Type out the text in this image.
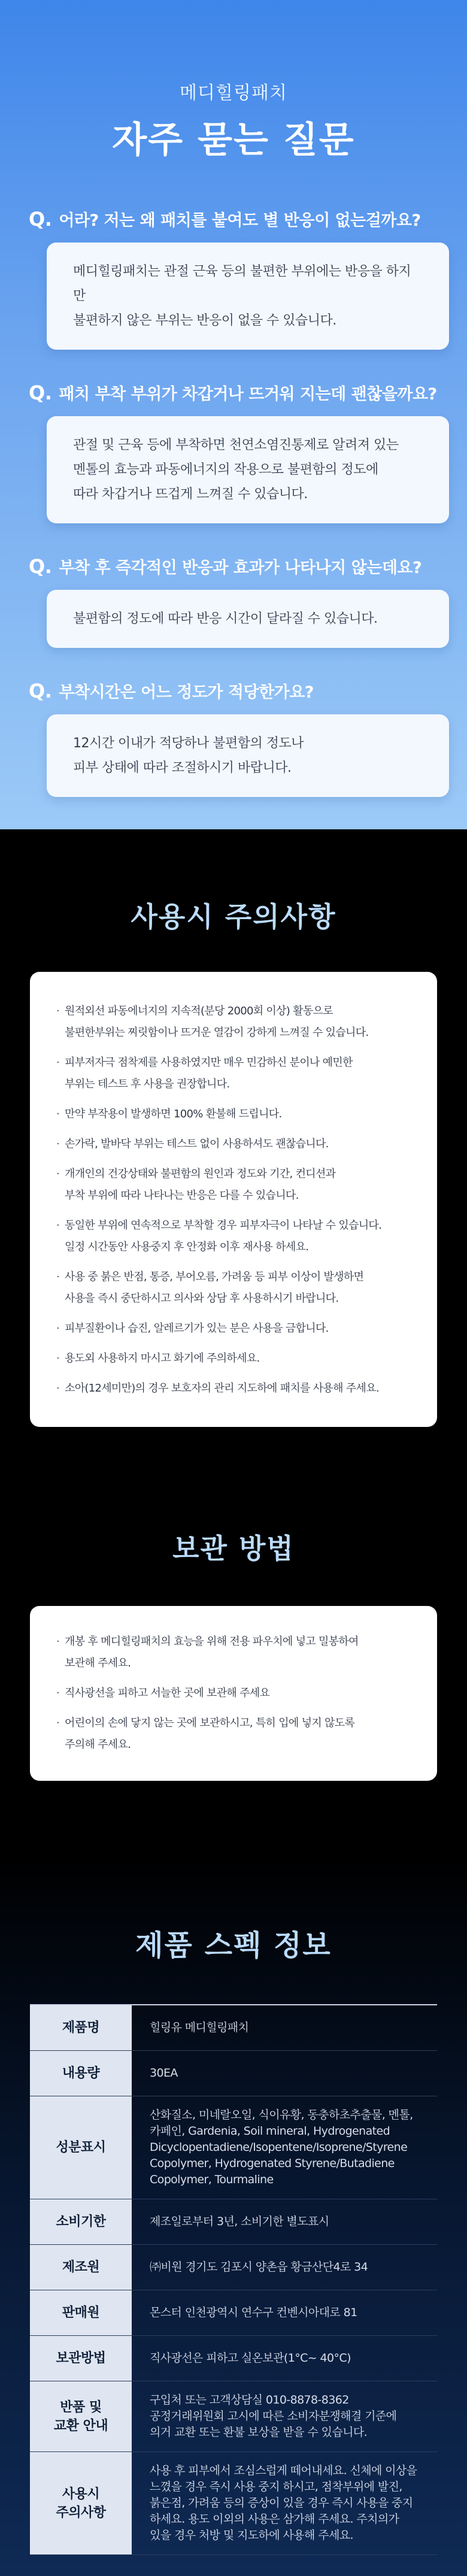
메디힐링패치
자주 묻는 질문
Q. 어라? 저는 왜 패치를 붙여도 별 반응이 없는걸까요?
메디힐링패치는 관절 근육 등의 불편한 부위에는 반응을 하지만
불편하지 않은 부위는 반응이 없을 수 있습니다.
Q. 패치 부착 부위가 차갑거나 뜨거워 지는데 괜찮을까요?
관절 및 근육 등에 부착하면 천연소염진통제로 알려져 있는
멘톨의 효능과 파동에너지의 작용으로 불편함의 정도에
따라 차갑거나 뜨겁게 느껴질 수 있습니다.
Q. 부착 후 즉각적인 반응과 효과가 나타나지 않는데요?
불편함의 정도에 따라 반응 시간이 달라질 수 있습니다.
Q. 부착시간은 어느 정도가 적당한가요?
12시간 이내가 적당하나 불편함의 정도나
피부 상태에 따라 조절하시기 바랍니다.
사용시 주의사항
· 원적외선 파동에너지의 지속적(분당 2000회 이상) 활동으로
불편한부위는 찌릿함이나 뜨거운 열감이 강하게 느껴질 수 있습니다.
· 피부저자극 점착제를 사용하였지만 매우 민감하신 분이나 예민한
부위는 테스트 후 사용을 권장합니다.
· 만약 부작용이 발생하면 100% 환불해 드립니다.
· 손가락, 발바닥 부위는 테스트 없이 사용하셔도 괜찮습니다.
· 개개인의 건강상태와 불편함의 원인과 정도와 기간, 컨디션과
부착 부위에 따라 나타나는 반응은 다를 수 있습니다.
· 동일한 부위에 연속적으로 부착할 경우 피부자극이 나타날 수 있습니다.
일정 시간동안 사용중지 후 안정화 이후 재사용 하세요.
· 사용 중 붉은 반점, 통증, 부어오름, 가려움 등 피부 이상이 발생하면
사용을 즉시 중단하시고 의사와 상담 후 사용하시기 바랍니다.
· 피부질환이나 습진, 알레르기가 있는 분은 사용을 금합니다.
· 용도외 사용하지 마시고 화기에 주의하세요.
· 소아(12세미만)의 경우 보호자의 관리 지도하에 패치를 사용해 주세요.
보관 방법
· 개봉 후 메디힐링패치의 효능을 위해 전용 파우치에 넣고 밀봉하여
보관해 주세요.
· 직사광선을 피하고 서늘한 곳에 보관해 주세요
· 어린이의 손에 닿지 않는 곳에 보관하시고, 특히 입에 넣지 않도록
주의해 주세요.
제품 스펙 정보
제품명	힐링유 메디힐링패치

내용량	30EA

성분표시	산화질소, 미네랄오일, 식이유황, 동충하초추출물, 멘톨,
카페인, Gardenia, Soil mineral, Hydrogenated
Dicyclopentadiene/Isopentene/Isoprene/Styrene
Copolymer, Hydrogenated Styrene/Butadiene
Copolymer, Tourmaline

소비기한	제조일로부터 3년, 소비기한 별도표시

제조원	㈜비원 경기도 김포시 양촌읍 황금산단4로 34

판매원	몬스터 인천광역시 연수구 컨벤시아대로 81

보관방법	직사광선은 피하고 실온보관(1°C~ 40°C)

반품 및
교환 안내	구입처 또는 고객상담실 010-8878-8362
공정거래위원회 고시에 따른 소비자분쟁해결 기준에
의거 교환 또는 환불 보상을 받을 수 있습니다.

사용시
주의사항	사용 후 피부에서 조심스럽게 떼어내세요. 신체에 이상을
느꼈을 경우 즉시 사용 중지 하시고, 점착부위에 발진,
붉은점, 가려움 등의 증상이 있을 경우 즉시 사용을 중지
하세요. 용도 이외의 사용은 삼가해 주세요. 주치의가
있을 경우 처방 및 지도하에 사용해 주세요.
